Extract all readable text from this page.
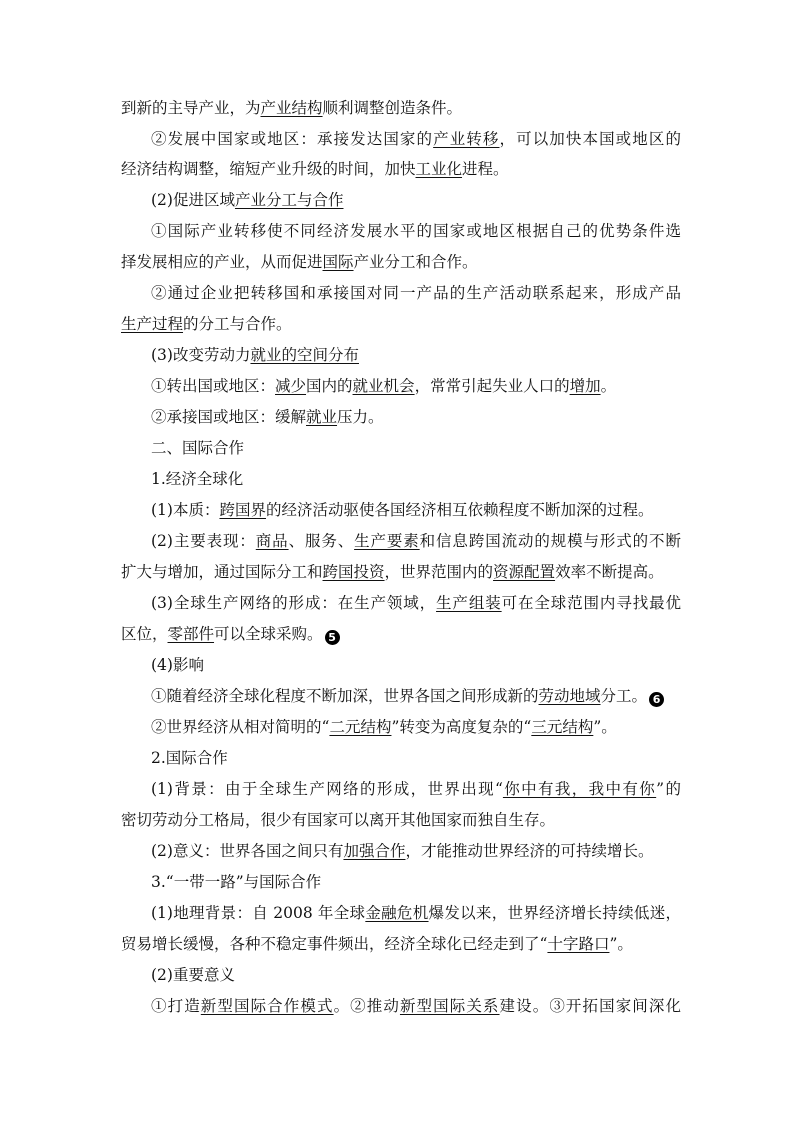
到新的主导产业，为产业结构顺利调整创造条件。
②发展中国家或地区：承接发达国家的产业转移，可以加快本国或地区的
经济结构调整，缩短产业升级的时间，加快工业化进程。
(2)促进区域产业分工与合作
①国际产业转移使不同经济发展水平的国家或地区根据自己的优势条件选
择发展相应的产业，从而促进国际产业分工和合作。
②通过企业把转移国和承接国对同一产品的生产活动联系起来，形成产品
生产过程的分工与合作。
(3)改变劳动力就业的空间分布
①转出国或地区：减少国内的就业机会，常常引起失业人口的增加。
②承接国或地区：缓解就业压力。
二、国际合作
1.经济全球化
(1)本质：跨国界的经济活动驱使各国经济相互依赖程度不断加深的过程。
(2)主要表现：商品、服务、生产要素和信息跨国流动的规模与形式的不断
扩大与增加，通过国际分工和跨国投资，世界范围内的资源配置效率不断提高。
(3)全球生产网络的形成：在生产领域，生产组装可在全球范围内寻找最优
区位，零部件可以全球采购。 5
(4)影响
①随着经济全球化程度不断加深，世界各国之间形成新的劳动地域分工。 6
②世界经济从相对简明的“二元结构”转变为高度复杂的“三元结构”。
2.国际合作
(1)背景：由于全球生产网络的形成，世界出现“你中有我，我中有你”的
密切劳动分工格局，很少有国家可以离开其他国家而独自生存。
(2)意义：世界各国之间只有加强合作，才能推动世界经济的可持续增长。
3.“一带一路”与国际合作
(1)地理背景：自 2008 年全球金融危机爆发以来，世界经济增长持续低迷，
贸易增长缓慢，各种不稳定事件频出，经济全球化已经走到了“十字路口”。
(2)重要意义
①打造新型国际合作模式。②推动新型国际关系建设。③开拓国家间深化
